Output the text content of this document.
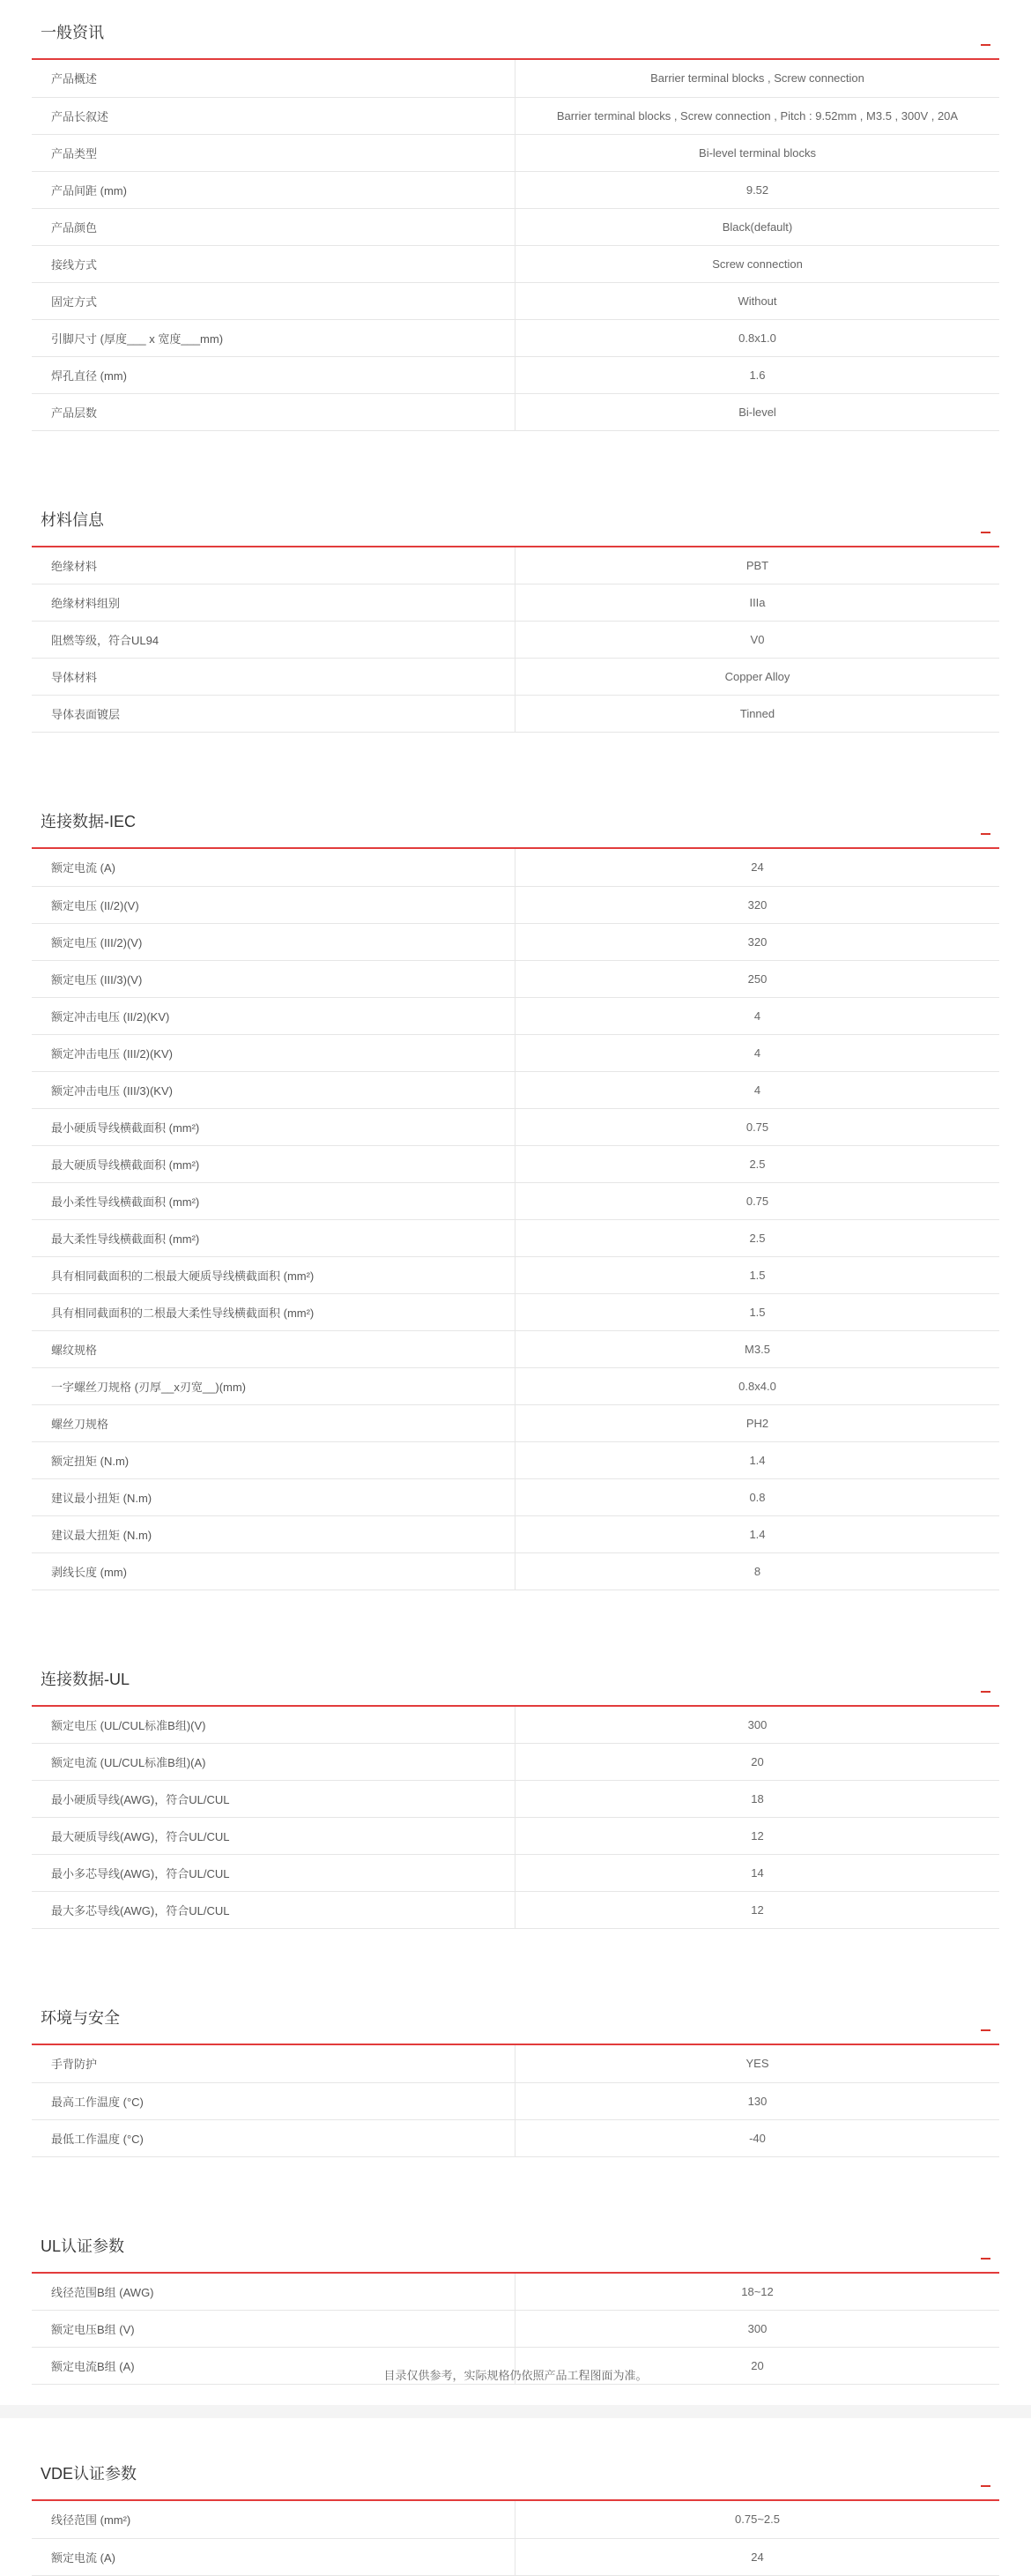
一般资讯
产品概述	Barrier terminal blocks , Screw connection
产品长叙述	Barrier terminal blocks , Screw connection , Pitch : 9.52mm , M3.5 , 300V , 20A
产品类型	Bi-level terminal blocks
产品间距 (mm)	9.52
产品颜色	Black(default)
接线方式	Screw connection
固定方式	Without
引脚尺寸 (厚度___ x 宽度___mm)	0.8x1.0
焊孔直径 (mm)	1.6
产品层数	Bi-level
材料信息
绝缘材料	PBT
绝缘材料组别	IIIa
阻燃等级，符合UL94	V0
导体材料	Copper Alloy
导体表面镀层	Tinned
连接数据-IEC
额定电流 (A)	24
额定电压 (II/2)(V)	320
额定电压 (III/2)(V)	320
额定电压 (III/3)(V)	250
额定冲击电压 (II/2)(KV)	4
额定冲击电压 (III/2)(KV)	4
额定冲击电压 (III/3)(KV)	4
最小硬质导线横截面积 (mm²)	0.75
最大硬质导线横截面积 (mm²)	2.5
最小柔性导线横截面积 (mm²)	0.75
最大柔性导线横截面积 (mm²)	2.5
具有相同截面积的二根最大硬质导线横截面积 (mm²)	1.5
具有相同截面积的二根最大柔性导线横截面积 (mm²)	1.5
螺纹规格	M3.5
一字螺丝刀规格 (刃厚__x刃宽__)(mm)	0.8x4.0
螺丝刀规格	PH2
额定扭矩 (N.m)	1.4
建议最小扭矩 (N.m)	0.8
建议最大扭矩 (N.m)	1.4
剥线长度 (mm)	8
连接数据-UL
额定电压 (UL/CUL标准B组)(V)	300
额定电流 (UL/CUL标准B组)(A)	20
最小硬质导线(AWG)，符合UL/CUL	18
最大硬质导线(AWG)，符合UL/CUL	12
最小多芯导线(AWG)，符合UL/CUL	14
最大多芯导线(AWG)，符合UL/CUL	12
环境与安全
手背防护	YES
最高工作温度 (°C)	130
最低工作温度 (°C)	-40
UL认证参数
线径范围B组 (AWG)	18~12
额定电压B组 (V)	300
额定电流B组 (A)	20
VDE认证参数
线径范围 (mm²)	0.75~2.5
额定电流 (A)	24
目录仅供参考，实际规格仍依照产品工程图面为准。
